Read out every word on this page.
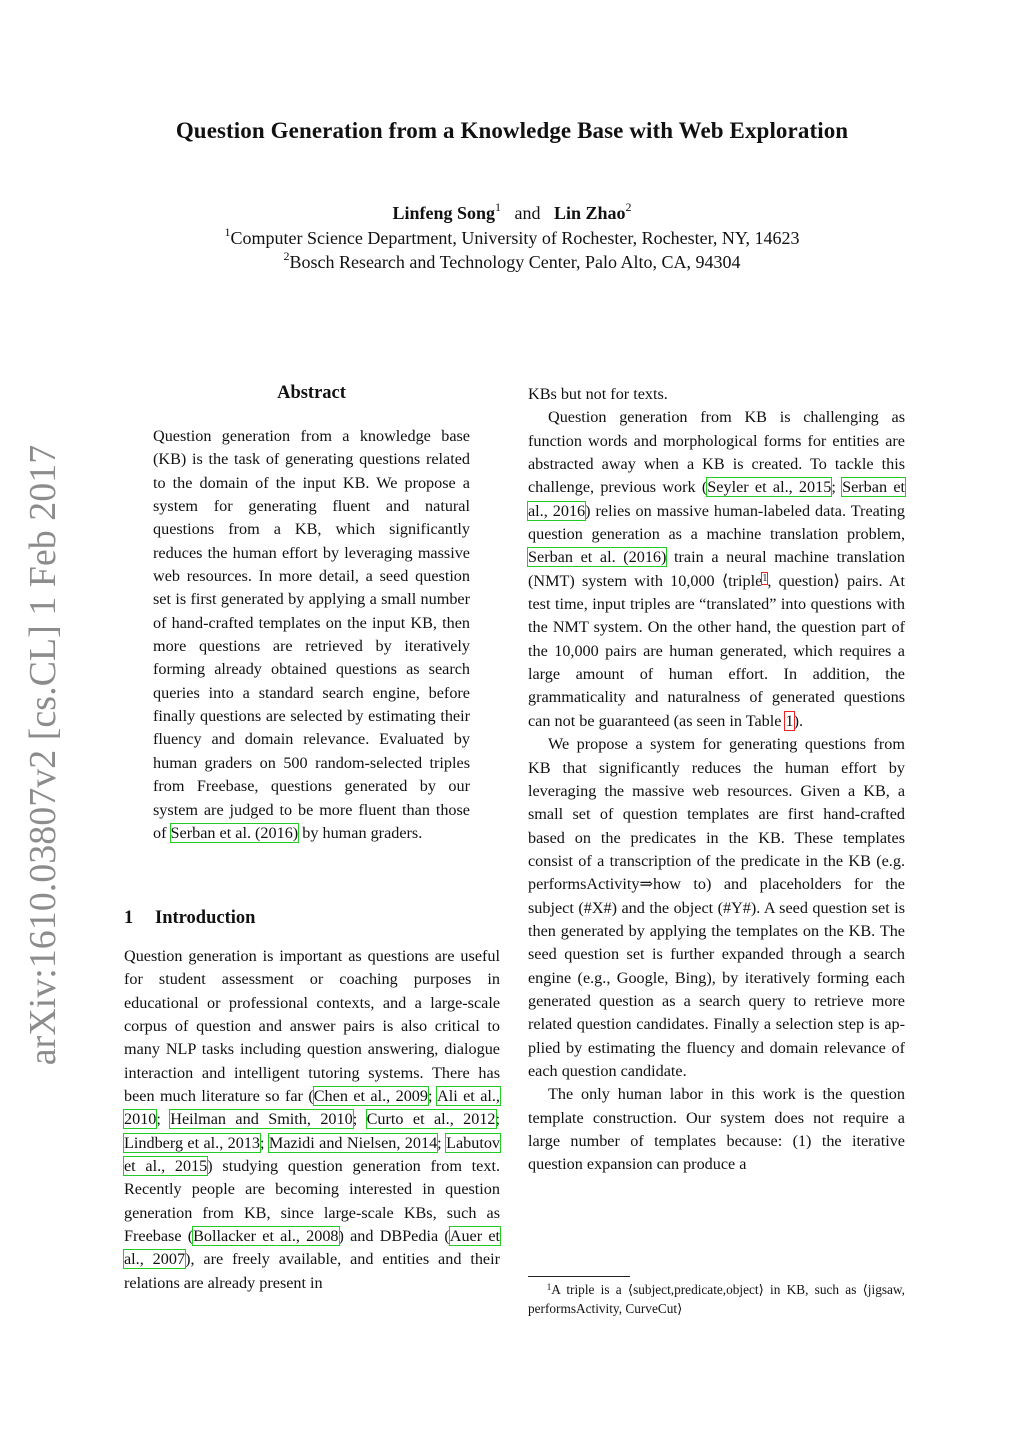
Question Generation from a Knowledge Base with Web Exploration
Linfeng Song$^1$ and Lin Zhao$^2$
$^1$Computer Science Department, University of Rochester, Rochester, NY, 14623
$^2$Bosch Research and Technology Center, Palo Alto, CA, 94304
arXiv:1610.03807v2 [cs.CL] 1 Feb 2017
Abstract
Question generation from a knowledge base (KB) is the task of generating questions related to the domain of the input KB. We propose a system for generating fluent and natural questions from a KB, which significantly reduces the human effort by leveraging massive web resources. In more detail, a seed question set is first generated by applying a small number of hand-crafted templates on the input KB, then more questions are retrieved by iteratively forming already obtained questions as search queries into a standard search engine, before finally questions are selected by estimating their fluency and domain relevance. Evaluated by human graders on 500 random-selected triples from Freebase, questions generated by our system are judged to be more fluent than those of Serban et al. (2016) by human graders.
1 Introduction
Question generation is important as questions are useful for student assessment or coaching purposes in educational or professional contexts, and a large-scale corpus of question and answer pairs is also critical to many NLP tasks including question answering, dialogue interaction and intelligent tutoring systems. There has been much literature so far (Chen et al., 2009; Ali et al., 2010; Heilman and Smith, 2010; Curto et al., 2012; Lindberg et al., 2013; Mazidi and Nielsen, 2014; Labutov et al., 2015) studying question generation from text. Recently people are becoming interested in question generation from KB, since large-scale KBs, such as Freebase (Bollacker et al., 2008) and DBPedia (Auer et al., 2007), are freely available, and entities and their relations are already present in

KBs but not for texts.

Question generation from KB is challenging as function words and morphological forms for entities are abstracted away when a KB is created. To tackle this challenge, previous work (Seyler et al., 2015; Serban et al., 2016) relies on massive human-labeled data. Treating question generation as a machine translation problem, Serban et al. (2016) train a neural machine translation (NMT) system with 10,000 ⟨triple$^1$, question⟩ pairs. At test time, input triples are “translated” into questions with the NMT system. On the other hand, the question part of the 10,000 pairs are human generated, which requires a large amount of human effort. In addition, the grammaticality and naturalness of generated questions can not be guaranteed (as seen in Table 1).

We propose a system for generating questions from KB that significantly reduces the human effort by leveraging the massive web resources. Given a KB, a small set of question templates are first hand-crafted based on the predicates in the KB. These templates consist of a transcription of the predicate in the KB (e.g. performsActivity⇒how to) and placeholders for the subject (#X#) and the object (#Y#). A seed question set is then generated by applying the templates on the KB. The seed question set is further expanded through a search engine (e.g., Google, Bing), by iteratively forming each generated question as a search query to retrieve more related question candidates. Finally a selection step is applied by estimating the fluency and domain relevance of each question candidate.

The only human labor in this work is the question template construction. Our system does not require a large number of templates because: (1) the iterative question expansion can produce a

$^1$A triple is a ⟨subject,predicate,object⟩ in KB, such as ⟨jigsaw, performsActivity, CurveCut⟩
